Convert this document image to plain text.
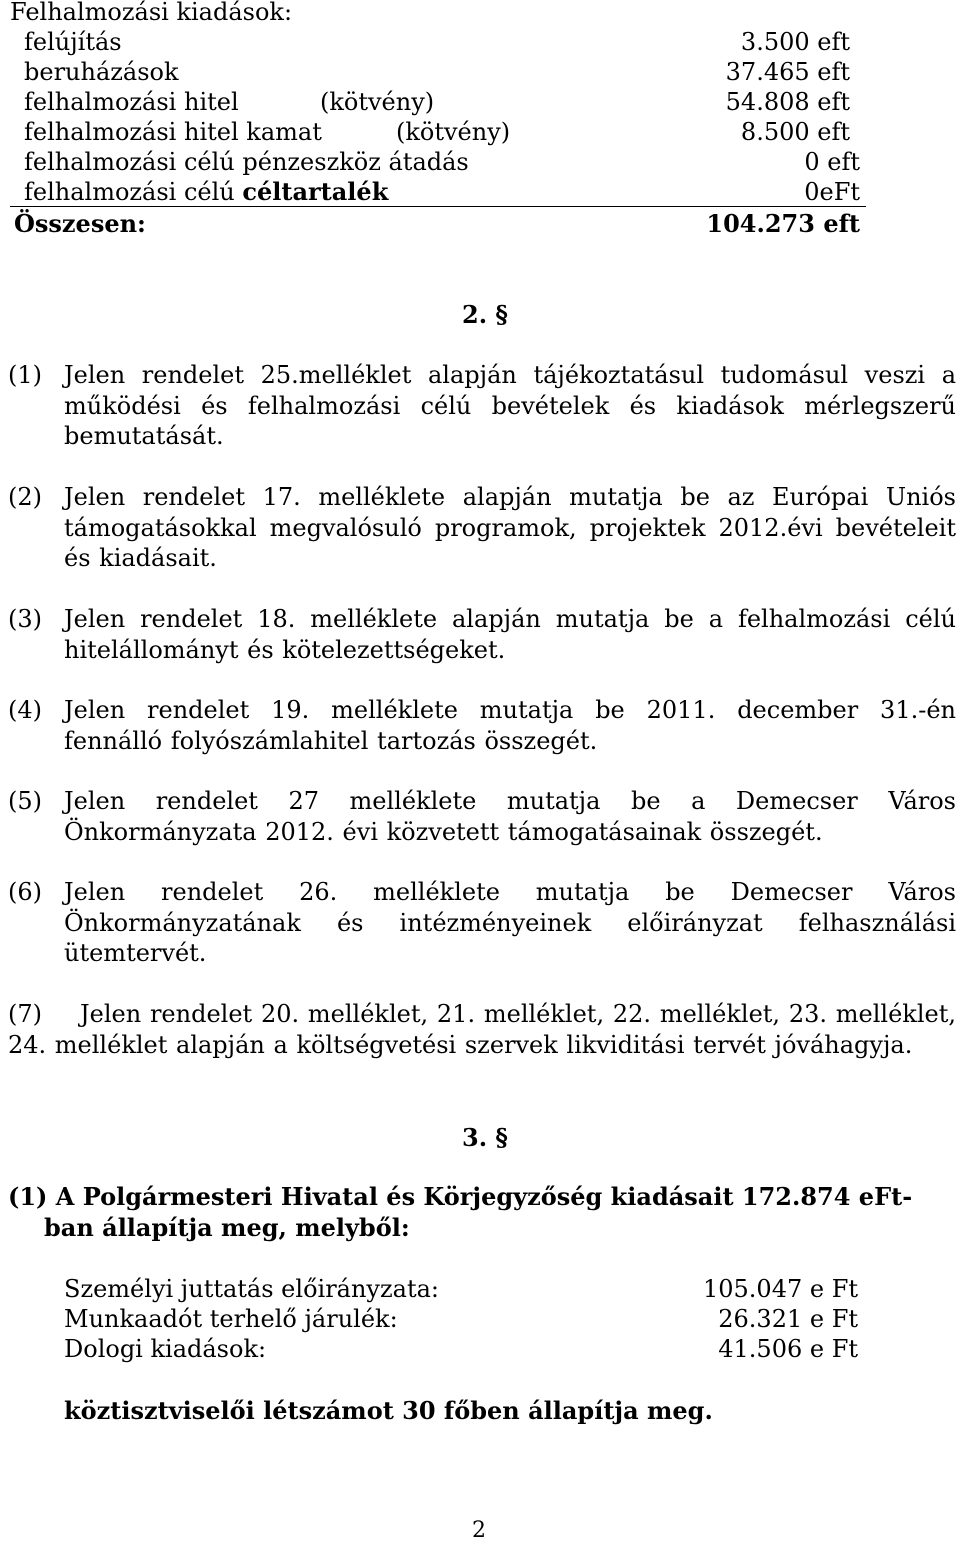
Felhalmozási kiadások:
felújítás	3.500 eft
beruházások	37.465 eft
felhalmozási hitel	(kötvény)	54.808 eft
felhalmozási hitel kamat	(kötvény)	8.500 eft
felhalmozási célú pénzeszköz átadás	0 eft
felhalmozási célú céltartalék	0eFt
Összesen:	104.273 eft
2. §
(1) Jelen rendelet 25.melléklet alapján tájékoztatásul tudomásul veszi a működési és felhalmozási célú bevételek és kiadások mérlegszerű bemutatását.
(2) Jelen rendelet 17. melléklete alapján mutatja be az Európai Uniós támogatásokkal megvalósuló programok, projektek 2012.évi bevételeit és kiadásait.
(3) Jelen rendelet 18. melléklete alapján mutatja be a felhalmozási célú hitelállományt és kötelezettségeket.
(4) Jelen rendelet 19. melléklete mutatja be 2011. december 31.-én fennálló folyószámlahitel tartozás összegét.
(5) Jelen rendelet 27 melléklete mutatja be a Demecser Város Önkormányzata 2012. évi közvetett támogatásainak összegét.
(6) Jelen rendelet 26. melléklete mutatja be Demecser Város Önkormányzatának és intézményeinek előirányzat felhasználási ütemtervét.
(7) Jelen rendelet 20. melléklet, 21. melléklet, 22. melléklet, 23. melléklet, 24. melléklet alapján a költségvetési szervek likviditási tervét jóváhagyja.
3. §
(1) A Polgármesteri Hivatal és Körjegyzőség kiadásait 172.874 eFt-
ban állapítja meg, melyből:
Személyi juttatás előirányzata:	105.047 e Ft
Munkaadót terhelő járulék:	26.321 e Ft
Dologi kiadások:	41.506 e Ft
köztisztviselői létszámot 30 főben állapítja meg.
2
